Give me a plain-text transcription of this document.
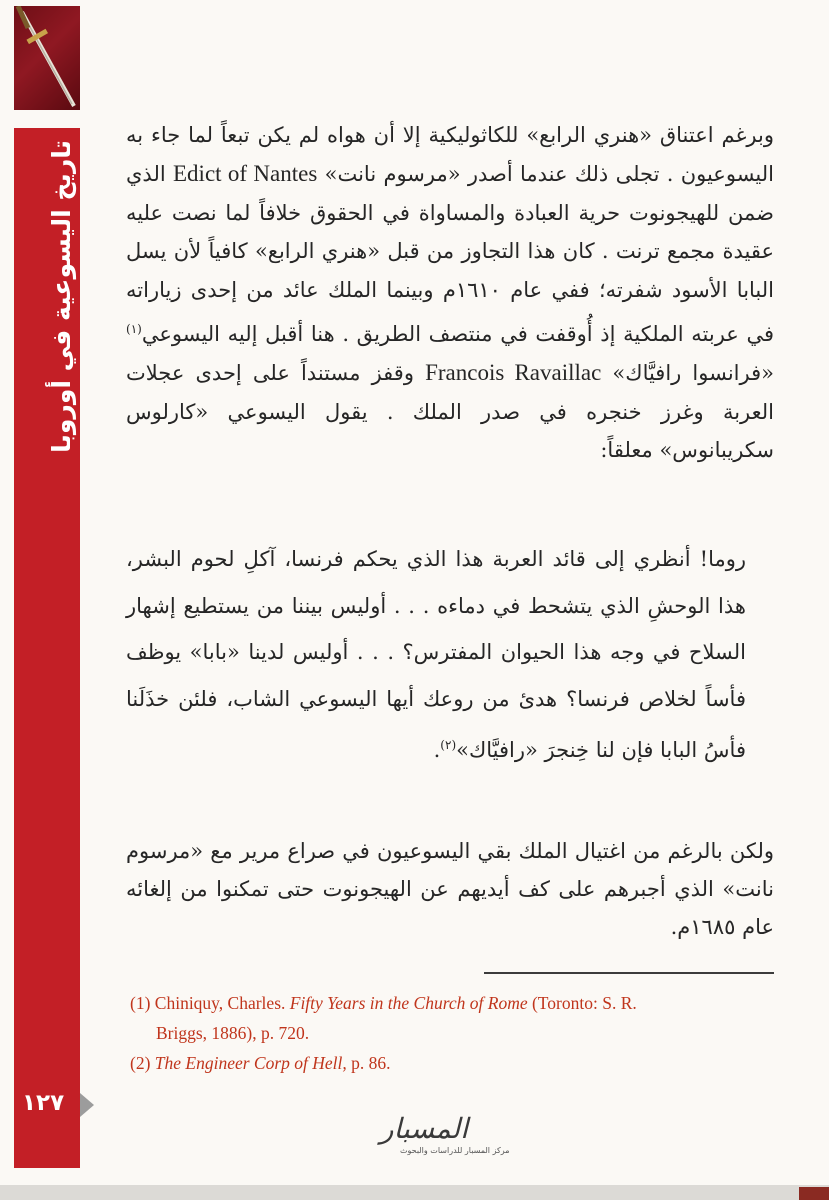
تاريخ اليسوعية في أوروبا
١٢٧
وبرغم اعتناق «هنري الرابع» للكاثوليكية إلا أن هواه لم يكن تبعاً لما جاء به اليسوعيون . تجلى ذلك عندما أصدر «مرسوم نانت» Edict of Nantes الذي ضمن للهيجونوت حرية العبادة والمساواة في الحقوق خلافاً لما نصت عليه عقيدة مجمع ترنت . كان هذا التجاوز من قبل «هنري الرابع» كافياً لأن يسل البابا الأسود شفرته؛ ففي عام ١٦١٠م وبينما الملك عائد من إحدى زياراته في عربته الملكية إذ أُوقفت في منتصف الطريق . هنا أقبل إليه اليسوعي$^{(١)}$ «فرانسوا رافيَّاك» Francois Ravaillac وقفز مستنداً على إحدى عجلات العربة وغرز خنجره في صدر الملك . يقول اليسوعي «كارلوس سكريبانوس» معلقاً:
روما! أنظري إلى قائد العربة هذا الذي يحكم فرنسا، آكلِ لحوم البشر، هذا الوحشِ الذي يتشحط في دماءه . . . أوليس بيننا من يستطيع إشهار السلاح في وجه هذا الحيوان المفترس؟ . . . أوليس لدينا «بابا» يوظف فأساً لخلاص فرنسا؟ هدئ من روعك أيها اليسوعي الشاب، فلئن خذَلَنا فأسُ البابا فإن لنا خِنجرَ «رافيَّاك»$^{(٢)}$.
ولكن بالرغم من اغتيال الملك بقي اليسوعيون في صراع مرير مع «مرسوم نانت» الذي أجبرهم على كف أيديهم عن الهيجونوت حتى تمكنوا من إلغائه عام ١٦٨٥م.
(1) Chiniquy, Charles. Fifty Years in the Church of Rome (Toronto: S. R.
Briggs, 1886), p. 720.
(2) The Engineer Corp of Hell, p. 86.
المسبار
مركز المسبار للدراسات والبحوث
